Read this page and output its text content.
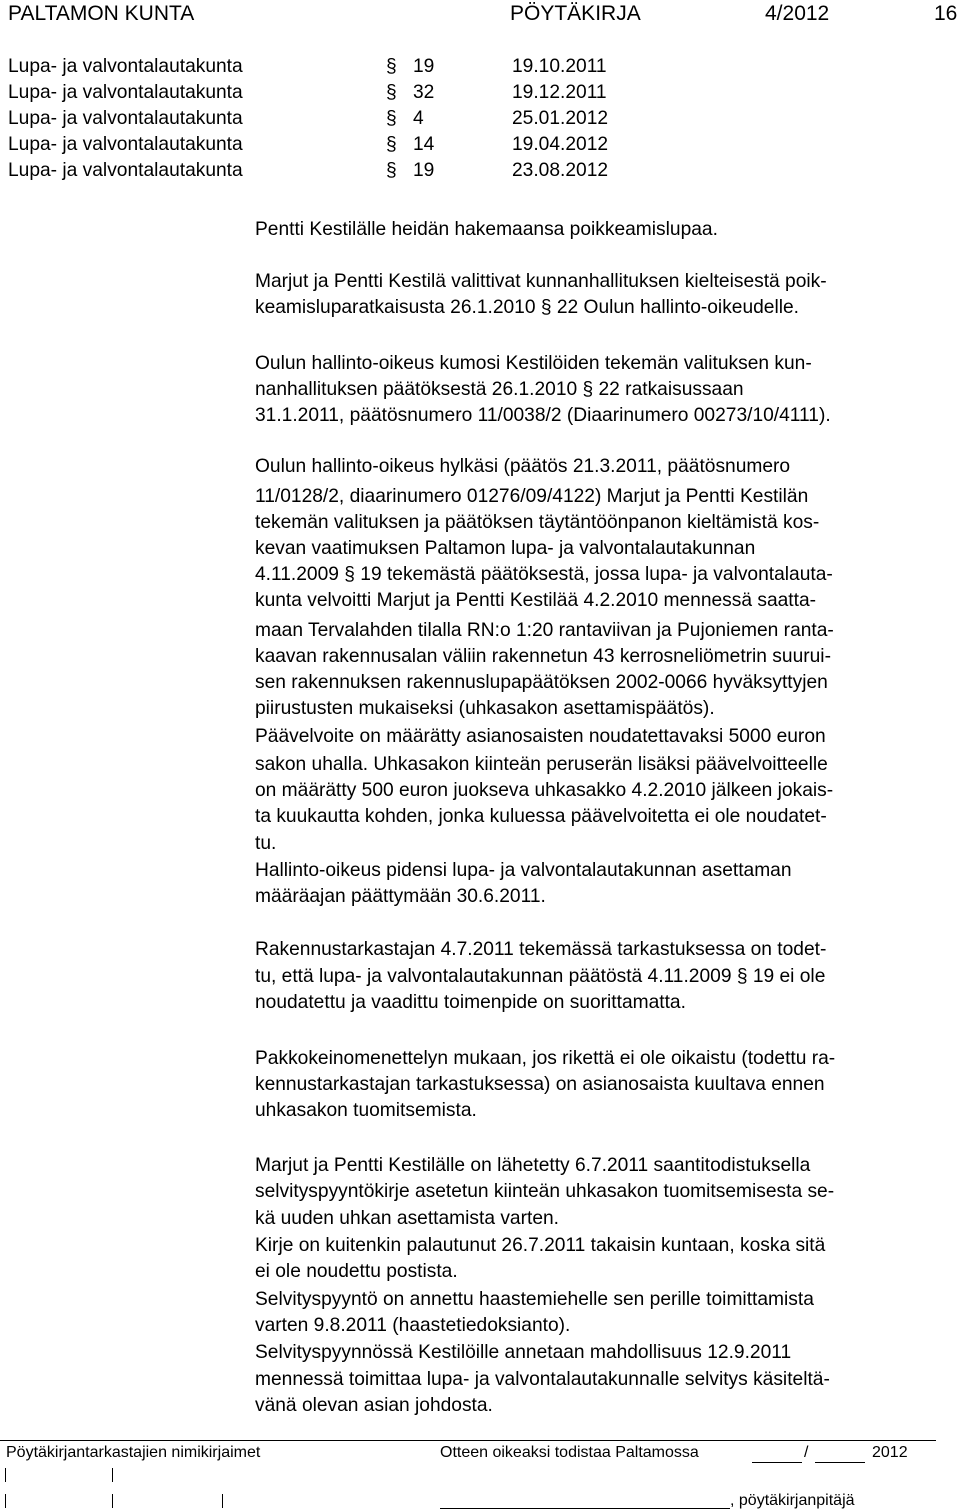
PALTAMON KUNTA	PÖYTÄKIRJA	4/2012	16
Lupa- ja valvontalautakunta	§ 19	19.10.2011
Lupa- ja valvontalautakunta	§ 32	19.12.2011
Lupa- ja valvontalautakunta	§ 4	25.01.2012
Lupa- ja valvontalautakunta	§ 14	19.04.2012
Lupa- ja valvontalautakunta	§ 19	23.08.2012
Pentti Kestilälle heidän hakemaansa poikkeamislupaa.
Marjut ja Pentti Kestilä valittivat kunnanhallituksen kielteisestä poik-
keamisluparatkaisusta 26.1.2010 § 22 Oulun hallinto-oikeudelle.
Oulun hallinto-oikeus kumosi Kestilöiden tekemän valituksen kun-
nanhallituksen päätöksestä 26.1.2010 § 22 ratkaisussaan
31.1.2011, päätösnumero 11/0038/2 (Diaarinumero 00273/10/4111).
Oulun hallinto-oikeus hylkäsi (päätös 21.3.2011, päätösnumero
11/0128/2, diaarinumero 01276/09/4122) Marjut ja Pentti Kestilän
tekemän valituksen ja päätöksen täytäntöönpanon kieltämistä kos-
kevan vaatimuksen Paltamon lupa- ja valvontalautakunnan
4.11.2009 § 19 tekemästä päätöksestä, jossa lupa- ja valvontalauta-
kunta velvoitti Marjut ja Pentti Kestilää 4.2.2010 mennessä saatta-
maan Tervalahden tilalla RN:o 1:20 rantaviivan ja Pujoniemen ranta-
kaavan rakennusalan väliin rakennetun 43 kerrosneliömetrin suurui-
sen rakennuksen rakennuslupapäätöksen 2002-0066 hyväksyttyjen
piirustusten mukaiseksi (uhkasakon asettamispäätös).
Päävelvoite on määrätty asianosaisten noudatettavaksi 5000 euron
sakon uhalla. Uhkasakon kiinteän peruserän lisäksi päävelvoitteelle
on määrätty 500 euron juokseva uhkasakko 4.2.2010 jälkeen jokais-
ta kuukautta kohden, jonka kuluessa päävelvoitetta ei ole noudatet-
tu.
Hallinto-oikeus pidensi lupa- ja valvontalautakunnan asettaman
määräajan päättymään 30.6.2011.
Rakennustarkastajan 4.7.2011 tekemässä tarkastuksessa on todet-
tu, että lupa- ja valvontalautakunnan päätöstä 4.11.2009 § 19 ei ole
noudatettu ja vaadittu toimenpide on suorittamatta.
Pakkokeinomenettelyn mukaan, jos rikettä ei ole oikaistu (todettu ra-
kennustarkastajan tarkastuksessa) on asianosaista kuultava ennen
uhkasakon tuomitsemista.
Marjut ja Pentti Kestilälle on lähetetty 6.7.2011 saantitodistuksella
selvityspyyntökirje asetetun kiinteän uhkasakon tuomitsemisesta se-
kä uuden uhkan asettamista varten.
Kirje on kuitenkin palautunut 26.7.2011 takaisin kuntaan, koska sitä
ei ole noudettu postista.
Selvityspyyntö on annettu haastemiehelle sen perille toimittamista
varten 9.8.2011 (haastetiedoksianto).
Selvityspyynnössä Kestilöille annetaan mahdollisuus 12.9.2011
mennessä toimittaa lupa- ja valvontalautakunnalle selvitys käsiteltä-
vänä olevan asian johdosta.
Pöytäkirjantarkastajien nimikirjaimet	Otteen oikeaksi todistaa Paltamossa	/	2012
, pöytäkirjanpitäjä
